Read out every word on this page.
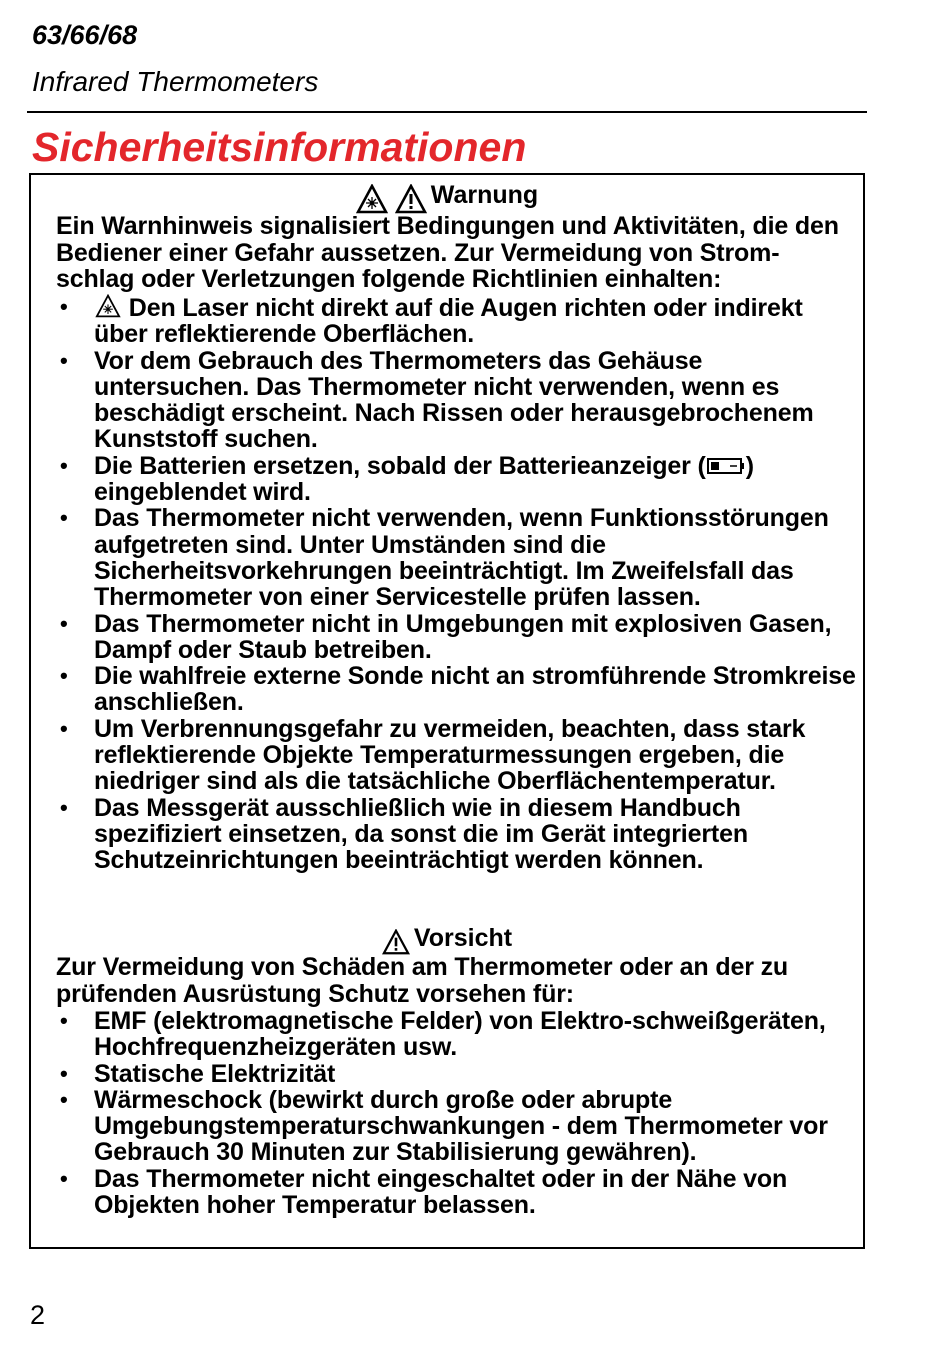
63/66/68
Infrared Thermometers
Sicherheitsinformationen
Warnung
Ein Warnhinweis signalisiert Bedingungen und Aktivitäten, die den Bediener einer Gefahr aussetzen. Zur Vermeidung von Strom-schlag oder Verletzungen folgende Richtlinien einhalten:
• Den Laser nicht direkt auf die Augen richten oder indirekt über reflektierende Oberflächen.
• Vor dem Gebrauch des Thermometers das Gehäuse untersuchen. Das Thermometer nicht verwenden, wenn es beschädigt erscheint. Nach Rissen oder herausgebrochenem Kunststoff suchen.
• Die Batterien ersetzen, sobald der Batterieanzeiger ( ) eingeblendet wird.
• Das Thermometer nicht verwenden, wenn Funktionsstörungen aufgetreten sind. Unter Umständen sind die Sicherheitsvorkehrungen beeinträchtigt. Im Zweifelsfall das Thermometer von einer Servicestelle prüfen lassen.
• Das Thermometer nicht in Umgebungen mit explosiven Gasen, Dampf oder Staub betreiben.
• Die wahlfreie externe Sonde nicht an stromführende Stromkreise anschließen.
• Um Verbrennungsgefahr zu vermeiden, beachten, dass stark reflektierende Objekte Temperaturmessungen ergeben, die niedriger sind als die tatsächliche Oberflächentemperatur.
• Das Messgerät ausschließlich wie in diesem Handbuch spezifiziert einsetzen, da sonst die im Gerät integrierten Schutzeinrichtungen beeinträchtigt werden können.
Vorsicht
Zur Vermeidung von Schäden am Thermometer oder an der zu prüfenden Ausrüstung Schutz vorsehen für:
• EMF (elektromagnetische Felder) von Elektro-schweißgeräten, Hochfrequenzheizgeräten usw.
• Statische Elektrizität
• Wärmeschock (bewirkt durch große oder abrupte Umgebungstemperaturschwankungen - dem Thermometer vor Gebrauch 30 Minuten zur Stabilisierung gewähren).
• Das Thermometer nicht eingeschaltet oder in der Nähe von Objekten hoher Temperatur belassen.
2
